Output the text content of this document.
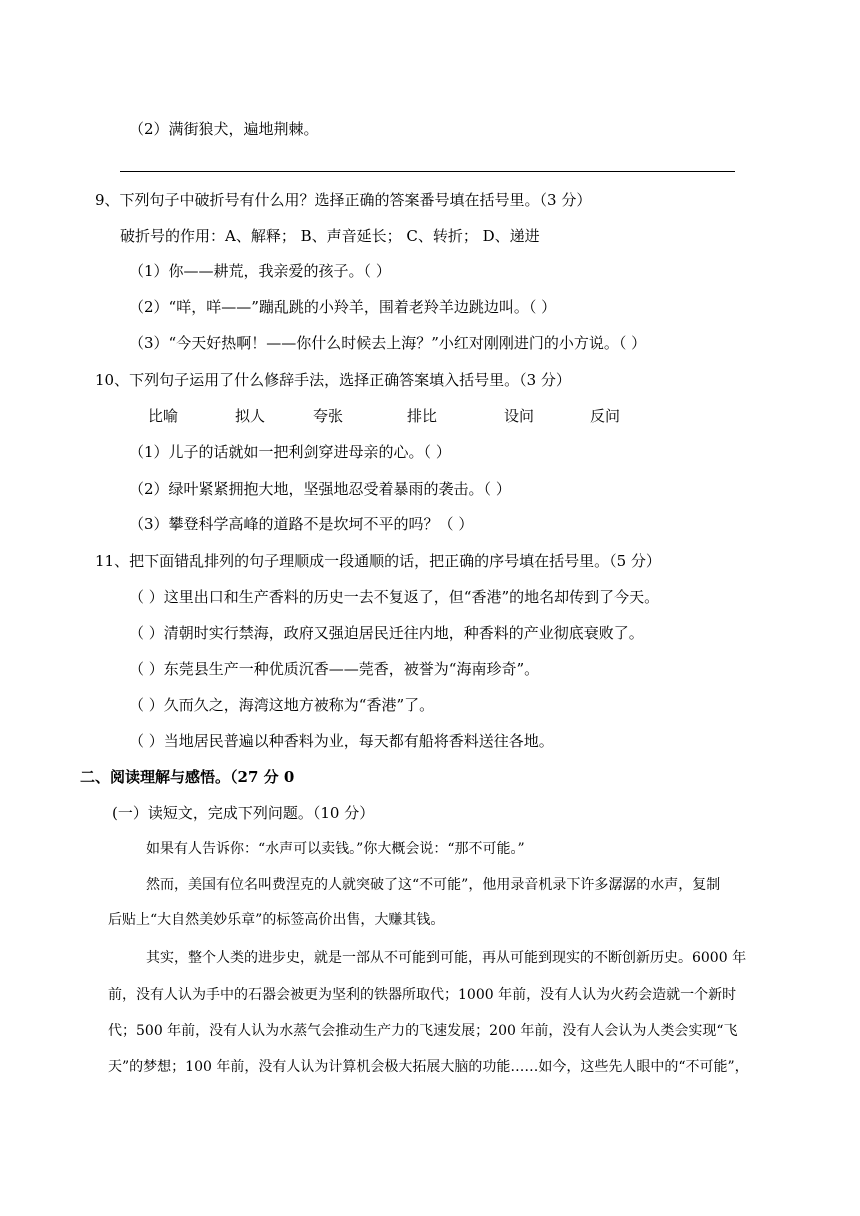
（2）满街狼犬，遍地荆棘。
9、下列句子中破折号有什么用？选择正确的答案番号填在括号里。（3 分）
破折号的作用：A、解释； B、声音延长； C、转折； D、递进
（1）你——耕荒，我亲爱的孩子。（ ）
（2）“咩，咩——”蹦乱跳的小羚羊，围着老羚羊边跳边叫。（ ）
（3）“今天好热啊！——你什么时候去上海？”小红对刚刚进门的小方说。（ ）
10、下列句子运用了什么修辞手法，选择正确答案填入括号里。（3 分）
比喻	拟人	夸张	排比	设问	反问
（1）儿子的话就如一把利剑穿进母亲的心。（ ）
（2）绿叶紧紧拥抱大地，坚强地忍受着暴雨的袭击。（ ）
（3）攀登科学高峰的道路不是坎坷不平的吗？（ ）
11、把下面错乱排列的句子理顺成一段通顺的话，把正确的序号填在括号里。（5 分）
（ ）这里出口和生产香料的历史一去不复返了，但“香港”的地名却传到了今天。
（ ）清朝时实行禁海，政府又强迫居民迁往内地，种香料的产业彻底衰败了。
（ ）东莞县生产一种优质沉香——莞香，被誉为“海南珍奇”。
（ ）久而久之，海湾这地方被称为“香港”了。
（ ）当地居民普遍以种香料为业，每天都有船将香料送往各地。
二、阅读理解与感悟。（27 分 0
(一）读短文，完成下列问题。（10 分）
如果有人告诉你：“水声可以卖钱。”你大概会说：“那不可能。”
然而，美国有位名叫费涅克的人就突破了这“不可能”，他用录音机录下许多潺潺的水声，复制
后贴上“大自然美妙乐章”的标签高价出售，大赚其钱。
其实，整个人类的进步史，就是一部从不可能到可能，再从可能到现实的不断创新历史。6000 年
前，没有人认为手中的石器会被更为坚利的铁器所取代；1000 年前，没有人认为火药会造就一个新时
代；500 年前，没有人认为水蒸气会推动生产力的飞速发展；200 年前，没有人会认为人类会实现“飞
天”的梦想；100 年前，没有人认为计算机会极大拓展大脑的功能……如今，这些先人眼中的“不可能”，
